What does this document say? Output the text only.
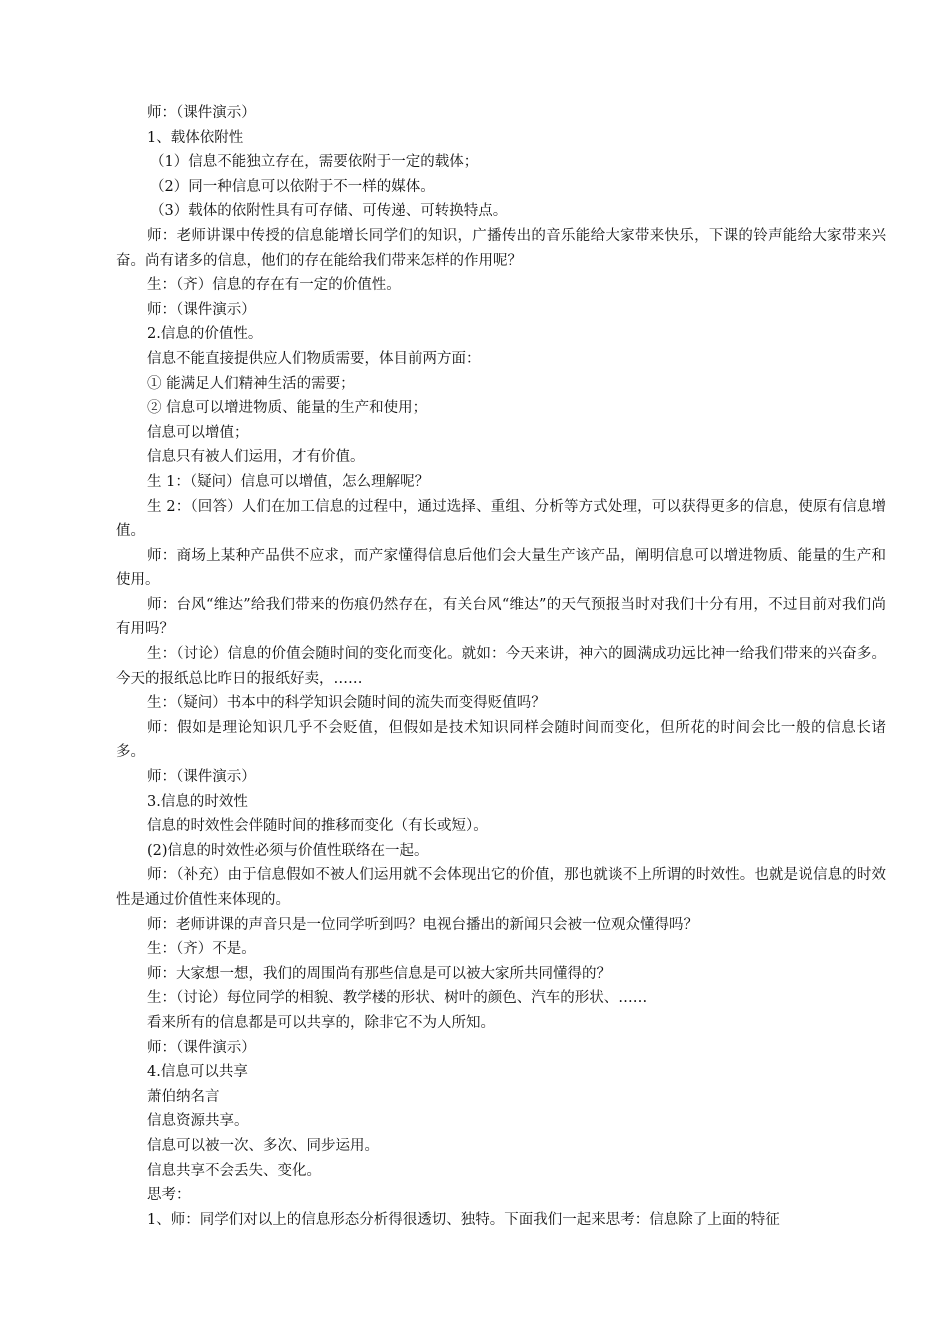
师：（课件演示）

1、载体依附性

（1）信息不能独立存在，需要依附于一定的载体；

（2）同一种信息可以依附于不一样的媒体。

（3）载体的依附性具有可存储、可传递、可转换特点。

师：老师讲课中传授的信息能增长同学们的知识，广播传出的音乐能给大家带来快乐，下课的铃声能给大家带来兴奋。尚有诸多的信息，他们的存在能给我们带来怎样的作用呢？

生：（齐）信息的存在有一定的价值性。

师：（课件演示）

2.信息的价值性。

信息不能直接提供应人们物质需要，体目前两方面：

① 能满足人们精神生活的需要；

② 信息可以增进物质、能量的生产和使用；

信息可以增值；

信息只有被人们运用，才有价值。

生 1：（疑问）信息可以增值，怎么理解呢？

生 2：（回答）人们在加工信息的过程中，通过选择、重组、分析等方式处理，可以获得更多的信息，使原有信息增值。

师：商场上某种产品供不应求，而产家懂得信息后他们会大量生产该产品，阐明信息可以增进物质、能量的生产和使用。

师：台风“维达”给我们带来的伤痕仍然存在，有关台风“维达”的天气预报当时对我们十分有用，不过目前对我们尚有用吗？

生：（讨论）信息的价值会随时间的变化而变化。就如：今天来讲，神六的圆满成功远比神一给我们带来的兴奋多。今天的报纸总比昨日的报纸好卖，……

生：（疑问）书本中的科学知识会随时间的流失而变得贬值吗？

师：假如是理论知识几乎不会贬值，但假如是技术知识同样会随时间而变化，但所花的时间会比一般的信息长诸多。

师：（课件演示）

3.信息的时效性

信息的时效性会伴随时间的推移而变化（有长或短）。

(2)信息的时效性必须与价值性联络在一起。

师：（补充）由于信息假如不被人们运用就不会体现出它的价值，那也就谈不上所谓的时效性。也就是说信息的时效性是通过价值性来体现的。

师：老师讲课的声音只是一位同学听到吗？电视台播出的新闻只会被一位观众懂得吗？

生：（齐）不是。

师：大家想一想，我们的周围尚有那些信息是可以被大家所共同懂得的？

生：（讨论）每位同学的相貌、教学楼的形状、树叶的颜色、汽车的形状、……

看来所有的信息都是可以共享的，除非它不为人所知。

师：（课件演示）

4.信息可以共享

萧伯纳名言

信息资源共享。

信息可以被一次、多次、同步运用。

信息共享不会丢失、变化。

思考：

1、师：同学们对以上的信息形态分析得很透切、独特。下面我们一起来思考：信息除了上面的特征
